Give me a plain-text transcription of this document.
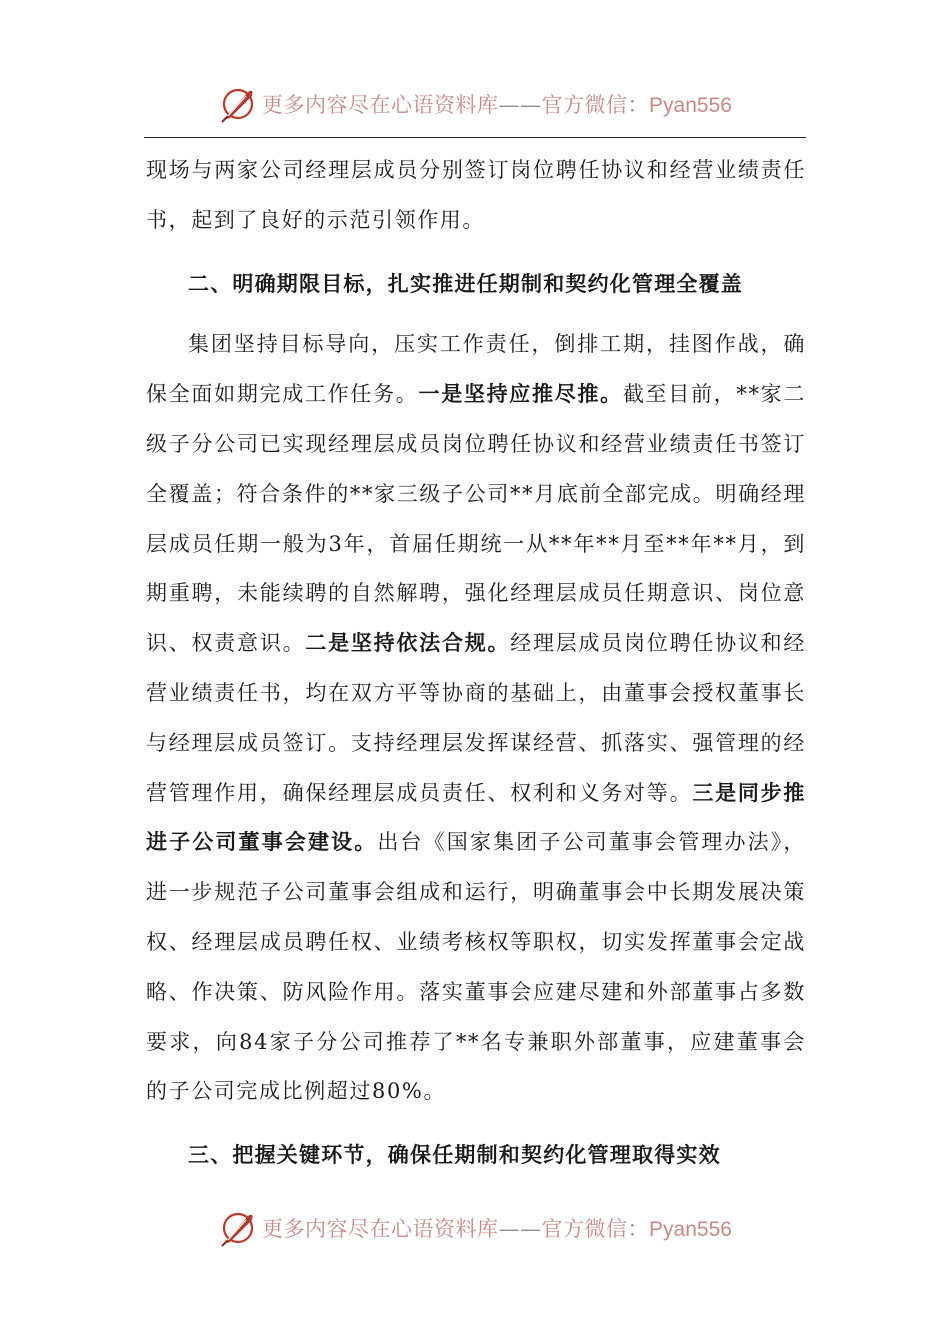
更多内容尽在心语资料库——官方微信：Pyan556

现场与两家公司经理层成员分别签订岗位聘任协议和经营业绩责任书，起到了良好的示范引领作用。

二、明确期限目标，扎实推进任期制和契约化管理全覆盖

集团坚持目标导向，压实工作责任，倒排工期，挂图作战，确保全面如期完成工作任务。一是坚持应推尽推。截至目前，**家二级子分公司已实现经理层成员岗位聘任协议和经营业绩责任书签订全覆盖；符合条件的**家三级子公司**月底前全部完成。明确经理层成员任期一般为3年，首届任期统一从**年**月至**年**月，到期重聘，未能续聘的自然解聘，强化经理层成员任期意识、岗位意识、权责意识。二是坚持依法合规。经理层成员岗位聘任协议和经营业绩责任书，均在双方平等协商的基础上，由董事会授权董事长与经理层成员签订。支持经理层发挥谋经营、抓落实、强管理的经营管理作用，确保经理层成员责任、权利和义务对等。三是同步推进子公司董事会建设。出台《国家集团子公司董事会管理办法》，进一步规范子公司董事会组成和运行，明确董事会中长期发展决策权、经理层成员聘任权、业绩考核权等职权，切实发挥董事会定战略、作决策、防风险作用。落实董事会应建尽建和外部董事占多数要求，向84家子分公司推荐了**名专兼职外部董事，应建董事会的子公司完成比例超过80%。

三、把握关键环节，确保任期制和契约化管理取得实效

更多内容尽在心语资料库——官方微信：Pyan556
